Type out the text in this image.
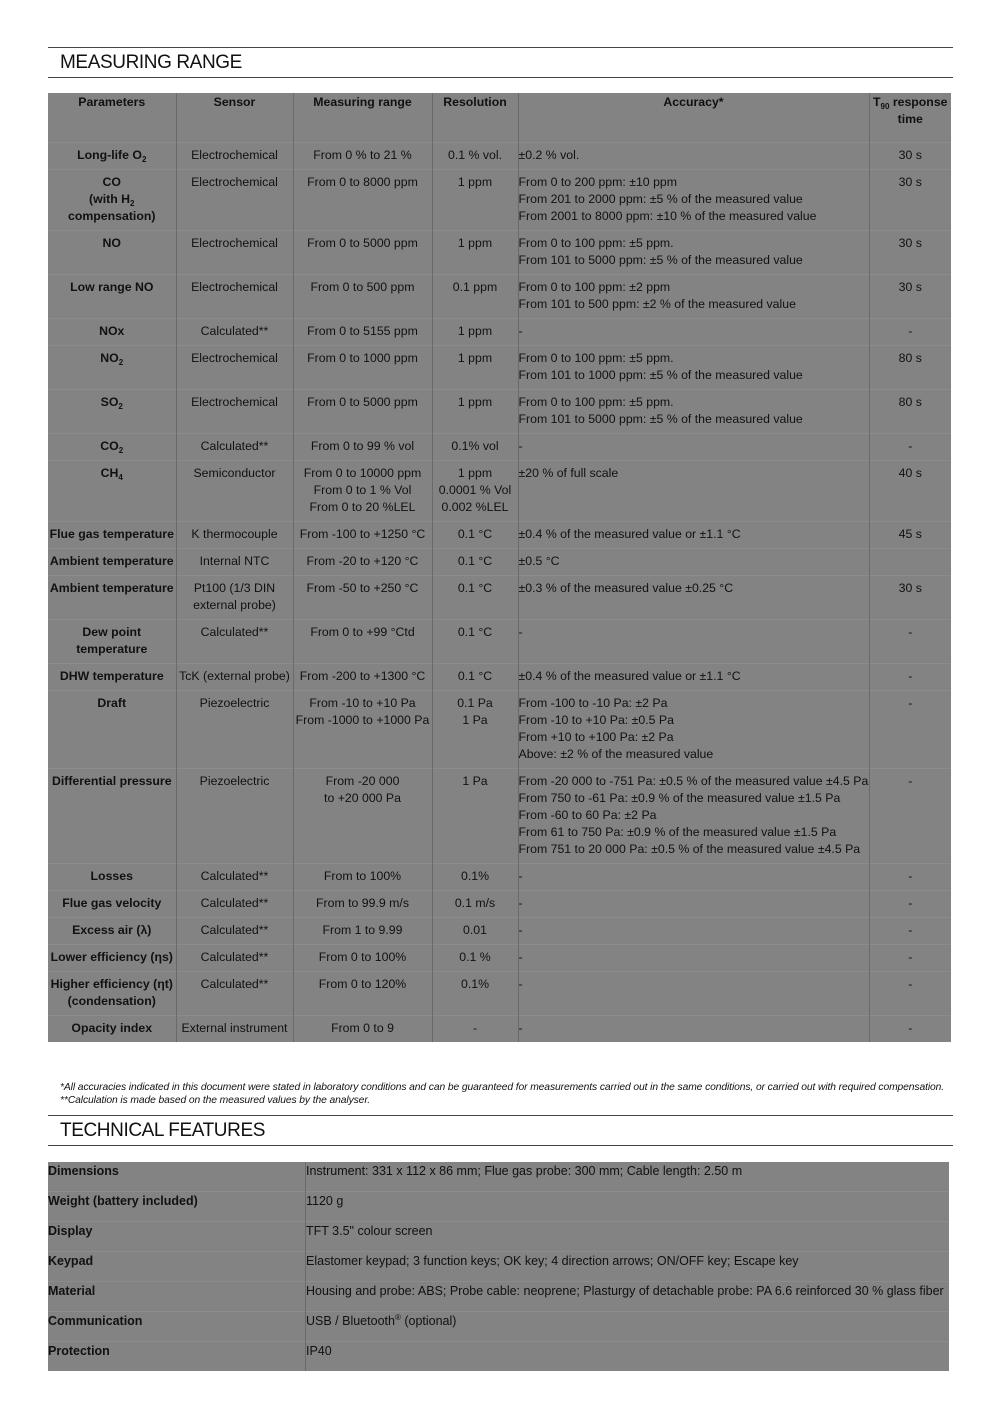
MEASURING RANGE
Parameters	Sensor	Measuring range	Resolution	Accuracy*	$T_{90}$ response
time
Long-life $O_2$	Electrochemical	From 0 % to 21 %	0.1 % vol.	±0.2 % vol.	30 s
CO
(with $H_2$ compensation)	Electrochemical	From 0 to 8000 ppm	1 ppm	From 0 to 200 ppm: ±10 ppm
From 201 to 2000 ppm: ±5 % of the measured value
From 2001 to 8000 ppm: ±10 % of the measured value	30 s
NO	Electrochemical	From 0 to 5000 ppm	1 ppm	From 0 to 100 ppm: ±5 ppm.
From 101 to 5000 ppm: ±5 % of the measured value	30 s
Low range NO	Electrochemical	From 0 to 500 ppm	0.1 ppm	From 0 to 100 ppm: ±2 ppm
From 101 to 500 ppm: ±2 % of the measured value	30 s
NOx	Calculated**	From 0 to 5155 ppm	1 ppm	-	-
$NO_2$	Electrochemical	From 0 to 1000 ppm	1 ppm	From 0 to 100 ppm: ±5 ppm.
From 101 to 1000 ppm: ±5 % of the measured value	80 s
$SO_2$	Electrochemical	From 0 to 5000 ppm	1 ppm	From 0 to 100 ppm: ±5 ppm.
From 101 to 5000 ppm: ±5 % of the measured value	80 s
$CO_2$	Calculated**	From 0 to 99 % vol	0.1% vol	-	-
$CH_4$	Semiconductor	From 0 to 10000 ppm
From 0 to 1 % Vol
From 0 to 20 %LEL	1 ppm
0.0001 % Vol
0.002 %LEL	±20 % of full scale	40 s
Flue gas temperature	K thermocouple	From -100 to +1250 °C	0.1 °C	±0.4 % of the measured value or ±1.1 °C	45 s
Ambient temperature	Internal NTC	From -20 to +120 °C	0.1 °C	±0.5 °C	

Ambient temperature	Pt100 (1/3 DIN
external probe)	From -50 to +250 °C	0.1 °C	±0.3 % of the measured value ±0.25 °C	30 s
Dew point temperature	Calculated**	From 0 to +99 °Ctd	0.1 °C	-	-
DHW temperature	TcK (external probe)	From -200 to +1300 °C	0.1 °C	±0.4 % of the measured value or ±1.1 °C	-
Draft	Piezoelectric	From -10 to +10 Pa
From -1000 to +1000 Pa	0.1 Pa
1 Pa	From -100 to -10 Pa: ±2 Pa
From -10 to +10 Pa: ±0.5 Pa
From +10 to +100 Pa: ±2 Pa
Above: ±2 % of the measured value	-
Differential pressure	Piezoelectric	From -20 000
to +20 000 Pa	1 Pa	From -20 000 to -751 Pa: ±0.5 % of the measured value ±4.5 Pa
From 750 to -61 Pa: ±0.9 % of the measured value ±1.5 Pa
From -60 to 60 Pa: ±2 Pa
From 61 to 750 Pa: ±0.9 % of the measured value ±1.5 Pa
From 751 to 20 000 Pa: ±0.5 % of the measured value ±4.5 Pa	-
Losses	Calculated**	From to 100%	0.1%	-	-
Flue gas velocity	Calculated**	From to 99.9 m/s	0.1 m/s	-	-
Excess air (λ)	Calculated**	From 1 to 9.99	0.01	-	-
Lower efficiency (ηs)	Calculated**	From 0 to 100%	0.1 %	-	-
Higher efficiency (ηt)
(condensation)	Calculated**	From 0 to 120%	0.1%	-	-
Opacity index	External instrument	From 0 to 9	-	-	-
*All accuracies indicated in this document were stated in laboratory conditions and can be guaranteed for measurements carried out in the same conditions, or carried out with required compensation.
**Calculation is made based on the measured values by the analyser.
TECHNICAL FEATURES
Dimensions	Instrument: 331 x 112 x 86 mm; Flue gas probe: 300 mm; Cable length: 2.50 m
Weight (battery included)	1120 g
Display	TFT 3.5" colour screen
Keypad	Elastomer keypad; 3 function keys; OK key; 4 direction arrows; ON/OFF key; Escape key
Material	Housing and probe: ABS; Probe cable: neoprene; Plasturgy of detachable probe: PA 6.6 reinforced 30 % glass fiber
Communication	USB / Bluetooth® (optional)
Protection	IP40
